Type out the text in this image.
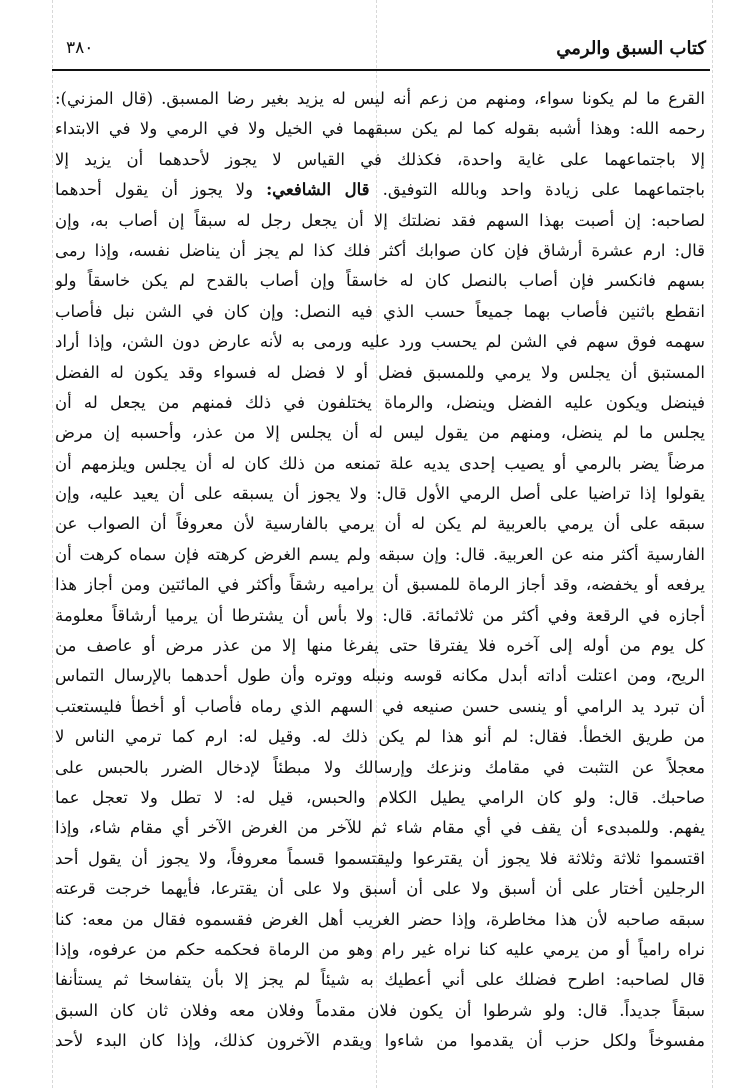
كتاب السبق والرمي
٣٨٠
القرع ما لم يكونا سواء، ومنهم من زعم أنه ليس له يزيد بغير رضا المسبق. (قال المزني):
رحمه الله: وهذا أشبه بقوله كما لم يكن سبقهما في الخيل ولا في الرمي ولا في الابتداء
إلا باجتماعهما على غاية واحدة، فكذلك في القياس لا يجوز لأحدهما أن يزيد إلا
باجتماعهما على زيادة واحد وبالله التوفيق. قال الشافعي: ولا يجوز أن يقول أحدهما
لصاحبه: إن أصبت بهذا السهم فقد نضلتك إلا أن يجعل رجل له سبقاً إن أصاب به، وإن
قال: ارم عشرة أرشاق فإن كان صوابك أكثر فلك كذا لم يجز أن يناضل نفسه، وإذا رمى
بسهم فانكسر فإن أصاب بالنصل كان له خاسقاً وإن أصاب بالقدح لم يكن خاسقاً ولو
انقطع باثنين فأصاب بهما جميعاً حسب الذي فيه النصل: وإن كان في الشن نبل فأصاب
سهمه فوق سهم في الشن لم يحسب ورد عليه ورمى به لأنه عارض دون الشن، وإذا أراد
المستبق أن يجلس ولا يرمي وللمسبق فضل أو لا فضل له فسواء وقد يكون له الفضل
فينضل ويكون عليه الفضل وينضل، والرماة يختلفون في ذلك فمنهم من يجعل له أن
يجلس ما لم ينضل، ومنهم من يقول ليس له أن يجلس إلا من عذر، وأحسبه إن مرض
مرضاً يضر بالرمي أو يصيب إحدى يديه علة تمنعه من ذلك كان له أن يجلس ويلزمهم أن
يقولوا إذا تراضيا على أصل الرمي الأول قال: ولا يجوز أن يسبقه على أن يعيد عليه، وإن
سبقه على أن يرمي بالعربية لم يكن له أن يرمي بالفارسية لأن معروفاً أن الصواب عن
الفارسية أكثر منه عن العربية. قال: وإن سبقه ولم يسم الغرض كرهته فإن سماه كرهت أن
يرفعه أو يخفضه، وقد أجاز الرماة للمسبق أن يراميه رشقاً وأكثر في المائتين ومن أجاز هذا
أجازه في الرقعة وفي أكثر من ثلاثمائة. قال: ولا بأس أن يشترطا أن يرميا أرشاقاً معلومة
كل يوم من أوله إلى آخره فلا يفترقا حتى يفرغا منها إلا من عذر مرض أو عاصف من
الريح، ومن اعتلت أداته أبدل مكانه قوسه ونبله ووتره وأن طول أحدهما بالإرسال التماس
أن تبرد يد الرامي أو ينسى حسن صنيعه في السهم الذي رماه فأصاب أو أخطأ فليستعتب
من طريق الخطأ. فقال: لم أنو هذا لم يكن ذلك له. وقيل له: ارم كما ترمي الناس لا
معجلاً عن التثبت في مقامك ونزعك وإرسالك ولا مبطئاً لإدخال الضرر بالحبس على
صاحبك. قال: ولو كان الرامي يطيل الكلام والحبس، قيل له: لا تطل ولا تعجل عما
يفهم. وللمبدىء أن يقف في أي مقام شاء ثم للآخر من الغرض الآخر أي مقام شاء، وإذا
اقتسموا ثلاثة وثلاثة فلا يجوز أن يقترعوا وليقتسموا قسماً معروفاً، ولا يجوز أن يقول أحد
الرجلين أختار على أن أسبق ولا على أن أسبق ولا على أن يقترعا، فأيهما خرجت قرعته
سبقه صاحبه لأن هذا مخاطرة، وإذا حضر الغريب أهل الغرض فقسموه فقال من معه: كنا
نراه رامياً أو من يرمي عليه كنا نراه غير رام وهو من الرماة فحكمه حكم من عرفوه، وإذا
قال لصاحبه: اطرح فضلك على أني أعطيك به شيئاً لم يجز إلا بأن يتفاسخا ثم يستأنفا
سبقاً جديداً. قال: ولو شرطوا أن يكون فلان مقدماً وفلان معه وفلان ثان كان السبق
مفسوخاً ولكل حزب أن يقدموا من شاءوا ويقدم الآخرون كذلك، وإذا كان البدء لأحد
